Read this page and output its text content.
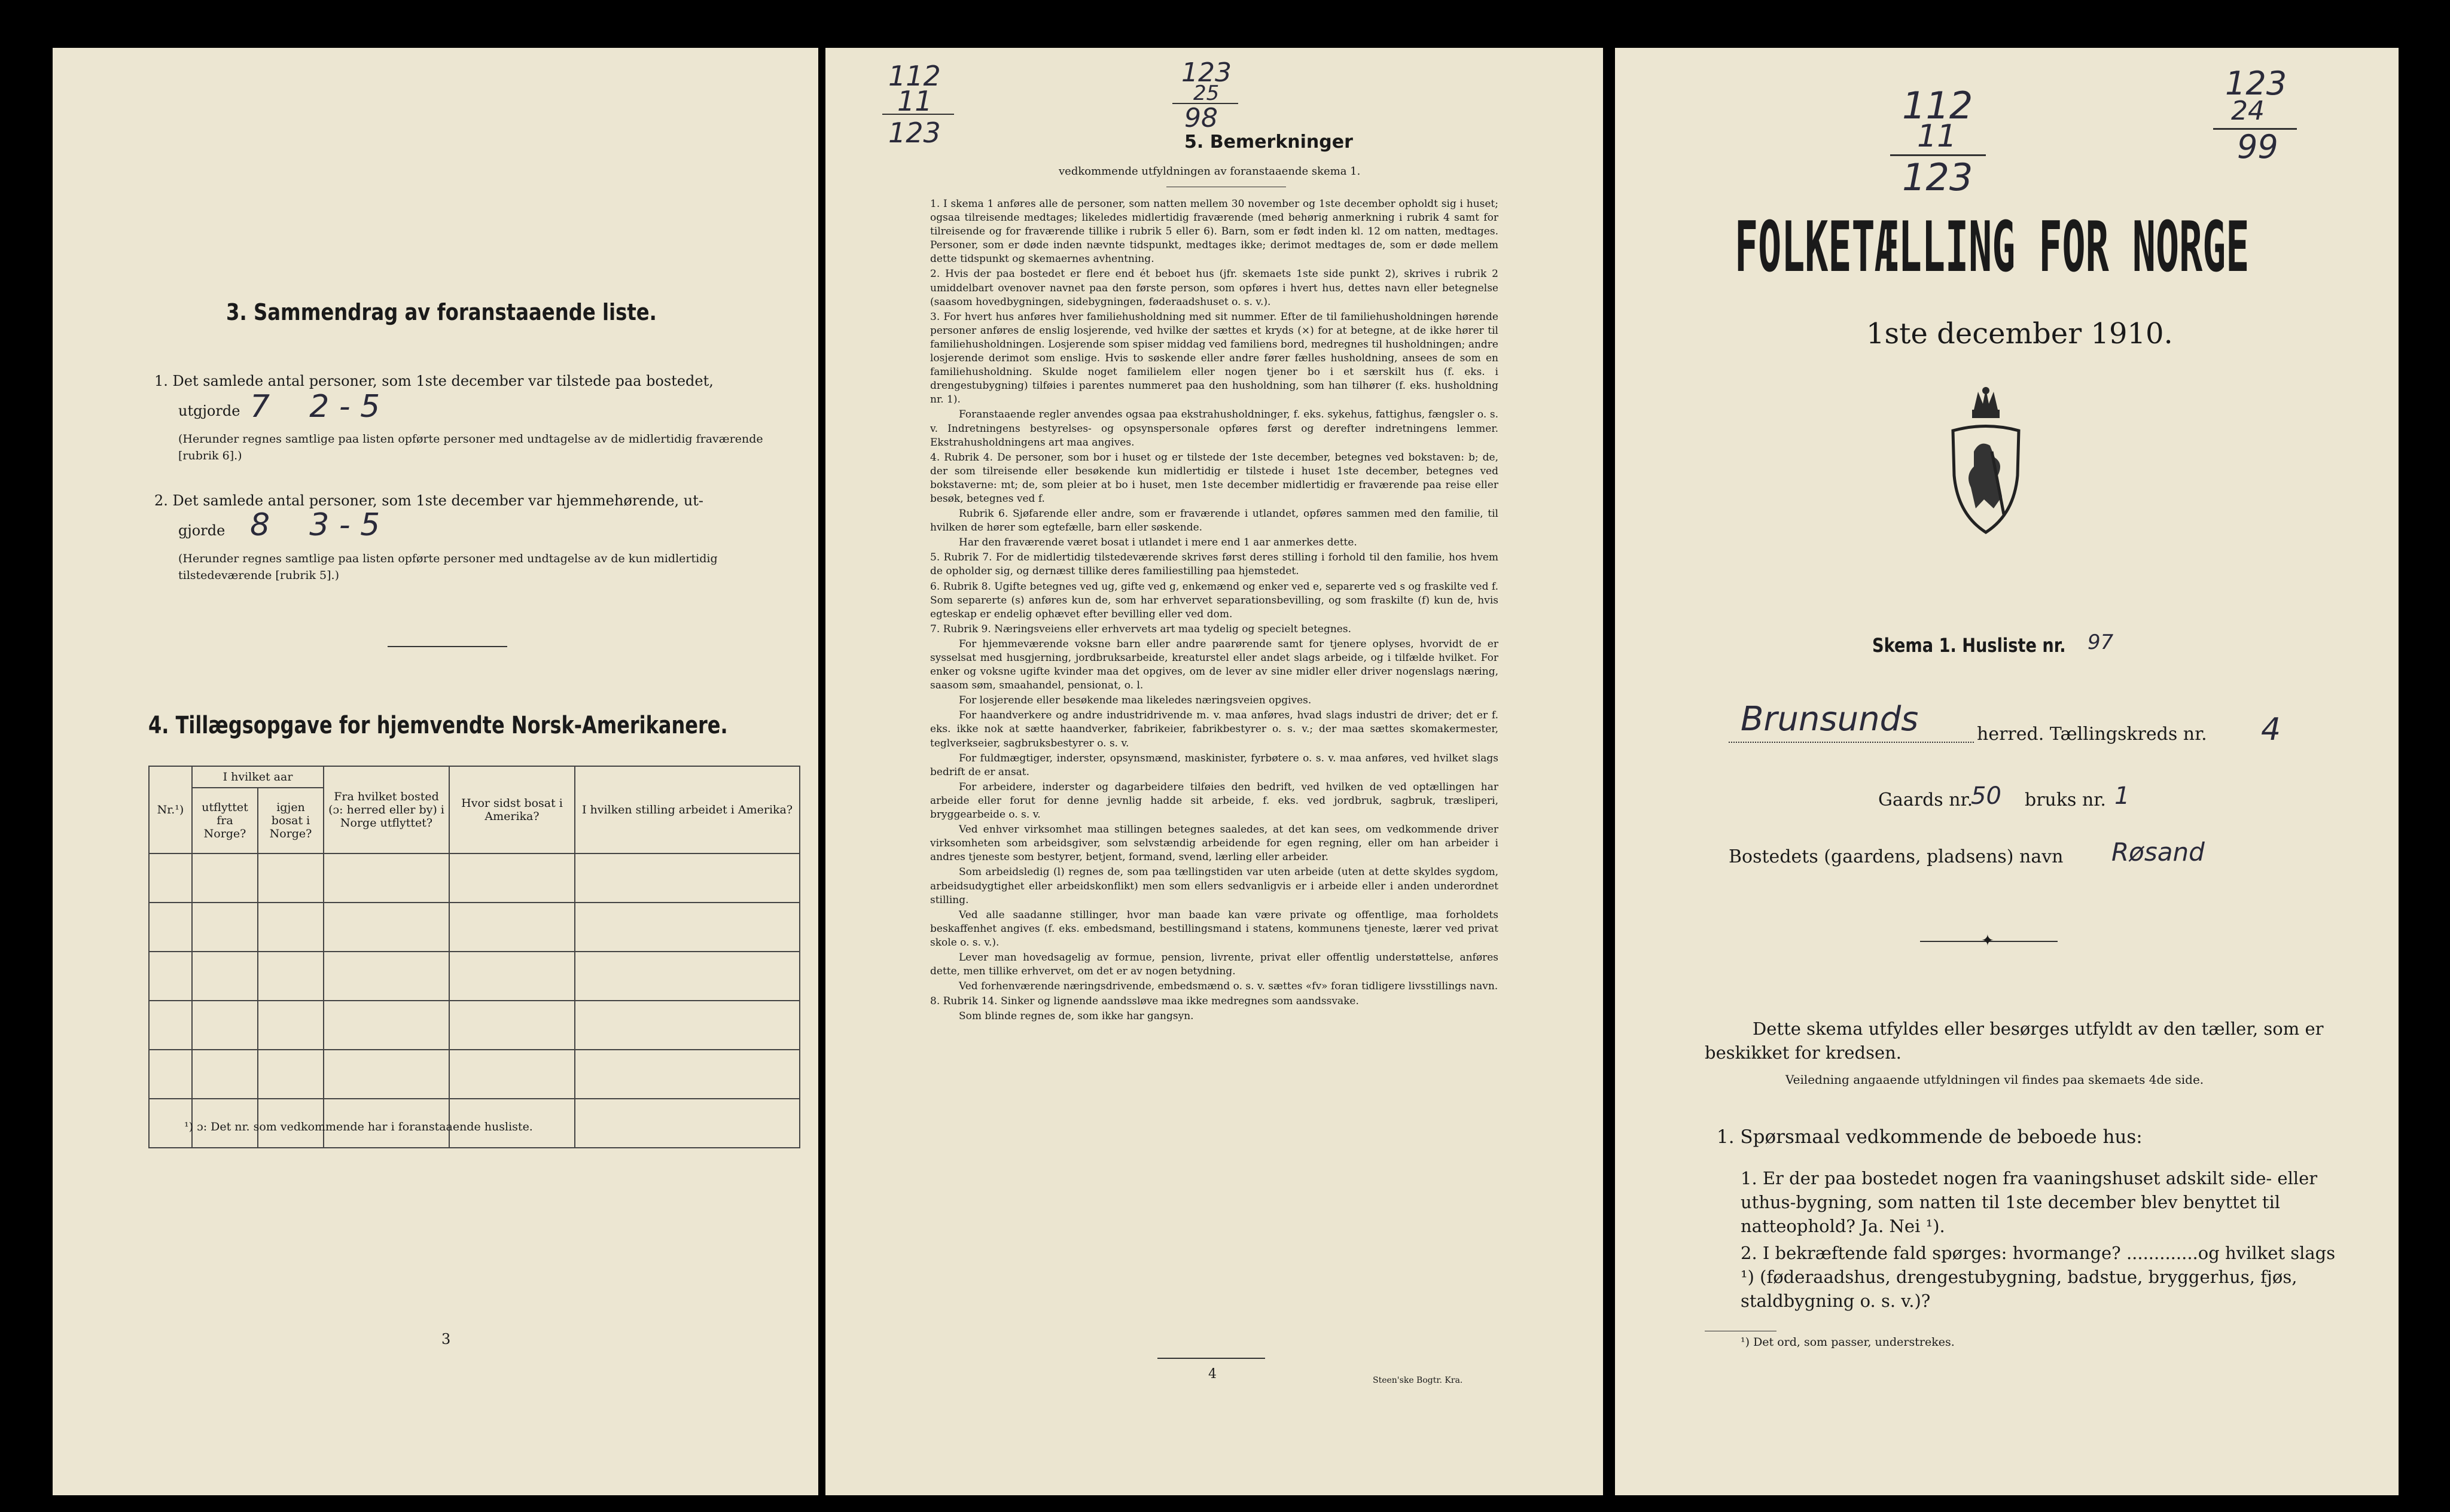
3. Sammendrag av foranstaaende liste.
1. Det samlede antal personer, som 1ste december var tilstede paa bostedet,
utgjorde 7    2 - 5
(Herunder regnes samtlige paa listen opførte personer med undtagelse av de midlertidig fraværende [rubrik 6].)
2. Det samlede antal personer, som 1ste december var hjemmehørende, ut-
gjorde 8    3 - 5
(Herunder regnes samtlige paa listen opførte personer med undtagelse av de kun midlertidig tilstedeværende [rubrik 5].)
4. Tillægsopgave for hjemvendte Norsk-Amerikanere.
Nr.¹)	I hvilket aar		Fra hvilket bosted (ɔ: herred eller by) i Norge utflyttet?	Hvor sidst bosat i Amerika?	I hvilken stilling arbeidet i Amerika?
	utflyttet fra Norge?	igjen bosat i Norge?			

¹) ɔ: Det nr. som vedkommende har i foranstaaende husliste.
3
112
11
123
123
25
98
5. Bemerkninger
vedkommende utfyldningen av foranstaaende skema 1.

1. I skema 1 anføres alle de personer, som natten mellem 30 november og 1ste december opholdt sig i huset; ogsaa tilreisende medtages; likeledes midlertidig fraværende (med behørig anmerkning i rubrik 4 samt for tilreisende og for fraværende tillike i rubrik 5 eller 6). Barn, som er født inden kl. 12 om natten, medtages. Personer, som er døde inden nævnte tidspunkt, medtages ikke; derimot medtages de, som er døde mellem dette tidspunkt og skemaernes avhentning.

2. Hvis der paa bostedet er flere end ét beboet hus (jfr. skemaets 1ste side punkt 2), skrives i rubrik 2 umiddelbart ovenover navnet paa den første person, som opføres i hvert hus, dettes navn eller betegnelse (saasom hovedbygningen, sidebygningen, føderaadshuset o. s. v.).

3. For hvert hus anføres hver familiehusholdning med sit nummer. Efter de til familiehusholdningen hørende personer anføres de enslig losjerende, ved hvilke der sættes et kryds (×) for at betegne, at de ikke hører til familiehusholdningen. Losjerende som spiser middag ved familiens bord, medregnes til husholdningen; andre losjerende derimot som enslige. Hvis to søskende eller andre fører fælles husholdning, ansees de som en familiehusholdning. Skulde noget familielem eller nogen tjener bo i et særskilt hus (f. eks. i drengestubygning) tilføies i parentes nummeret paa den husholdning, som han tilhører (f. eks. husholdning nr. 1).

Foranstaaende regler anvendes ogsaa paa ekstrahusholdninger, f. eks. sykehus, fattighus, fængsler o. s. v. Indretningens bestyrelses- og opsynspersonale opføres først og derefter indretningens lemmer. Ekstrahusholdningens art maa angives.

4. Rubrik 4. De personer, som bor i huset og er tilstede der 1ste december, betegnes ved bokstaven: b; de, der som tilreisende eller besøkende kun midlertidig er tilstede i huset 1ste december, betegnes ved bokstaverne: mt; de, som pleier at bo i huset, men 1ste december midlertidig er fraværende paa reise eller besøk, betegnes ved f.

Rubrik 6. Sjøfarende eller andre, som er fraværende i utlandet, opføres sammen med den familie, til hvilken de hører som egtefælle, barn eller søskende.

Har den fraværende været bosat i utlandet i mere end 1 aar anmerkes dette.

5. Rubrik 7. For de midlertidig tilstedeværende skrives først deres stilling i forhold til den familie, hos hvem de opholder sig, og dernæst tillike deres familiestilling paa hjemstedet.

6. Rubrik 8. Ugifte betegnes ved ug, gifte ved g, enkemænd og enker ved e, separerte ved s og fraskilte ved f. Som separerte (s) anføres kun de, som har erhvervet separationsbevilling, og som fraskilte (f) kun de, hvis egteskap er endelig ophævet efter bevilling eller ved dom.

7. Rubrik 9. Næringsveiens eller erhvervets art maa tydelig og specielt betegnes.

For hjemmeværende voksne barn eller andre paarørende samt for tjenere oplyses, hvorvidt de er sysselsat med husgjerning, jordbruksarbeide, kreaturstel eller andet slags arbeide, og i tilfælde hvilket. For enker og voksne ugifte kvinder maa det opgives, om de lever av sine midler eller driver nogenslags næring, saasom søm, smaahandel, pensionat, o. l.

For losjerende eller besøkende maa likeledes næringsveien opgives.

For haandverkere og andre industridrivende m. v. maa anføres, hvad slags industri de driver; det er f. eks. ikke nok at sætte haandverker, fabrikeier, fabrikbestyrer o. s. v.; der maa sættes skomakermester, teglverkseier, sagbruksbestyrer o. s. v.

For fuldmægtiger, inderster, opsynsmænd, maskinister, fyrbøtere o. s. v. maa anføres, ved hvilket slags bedrift de er ansat.

For arbeidere, inderster og dagarbeidere tilføies den bedrift, ved hvilken de ved optællingen har arbeide eller forut for denne jevnlig hadde sit arbeide, f. eks. ved jordbruk, sagbruk, træsliperi, bryggearbeide o. s. v.

Ved enhver virksomhet maa stillingen betegnes saaledes, at det kan sees, om vedkommende driver virksomheten som arbeidsgiver, som selvstændig arbeidende for egen regning, eller om han arbeider i andres tjeneste som bestyrer, betjent, formand, svend, lærling eller arbeider.

Som arbeidsledig (l) regnes de, som paa tællingstiden var uten arbeide (uten at dette skyldes sygdom, arbeidsudygtighet eller arbeidskonflikt) men som ellers sedvanligvis er i arbeide eller i anden underordnet stilling.

Ved alle saadanne stillinger, hvor man baade kan være private og offentlige, maa forholdets beskaffenhet angives (f. eks. embedsmand, bestillingsmand i statens, kommunens tjeneste, lærer ved privat skole o. s. v.).

Lever man hovedsagelig av formue, pension, livrente, privat eller offentlig understøttelse, anføres dette, men tillike erhvervet, om det er av nogen betydning.

Ved forhenværende næringsdrivende, embedsmænd o. s. v. sættes «fv» foran tidligere livsstillings navn.

8. Rubrik 14. Sinker og lignende aandssløve maa ikke medregnes som aandssvake.

Som blinde regnes de, som ikke har gangsyn.

4	Steen'ske Bogtr. Kra.
112
11
123
123
24
99
FOLKETÆLLING FOR NORGE
1ste december 1910.
Skema 1. Husliste nr. 97
Brunsunds	herred. Tællingskreds nr. 4
Gaards nr.
50 bruks nr. 1
Bostedets (gaardens, pladsens) navn Røsand
✦
Dette skema utfyldes eller besørges utfyldt av den tæller, som er beskikket for kredsen.
Veiledning angaaende utfyldningen vil findes paa skemaets 4de side.
1. Spørsmaal vedkommende de beboede hus:
1. Er der paa bostedet nogen fra vaaningshuset adskilt side- eller uthus-bygning, som natten til 1ste december blev benyttet til natteophold? Ja. Nei ¹).
2. I bekræftende fald spørges: hvormange? .............og hvilket slags ¹) (føderaadshus, drengestubygning, badstue, bryggerhus, fjøs, staldbygning o. s. v.)?
¹) Det ord, som passer, understrekes.
